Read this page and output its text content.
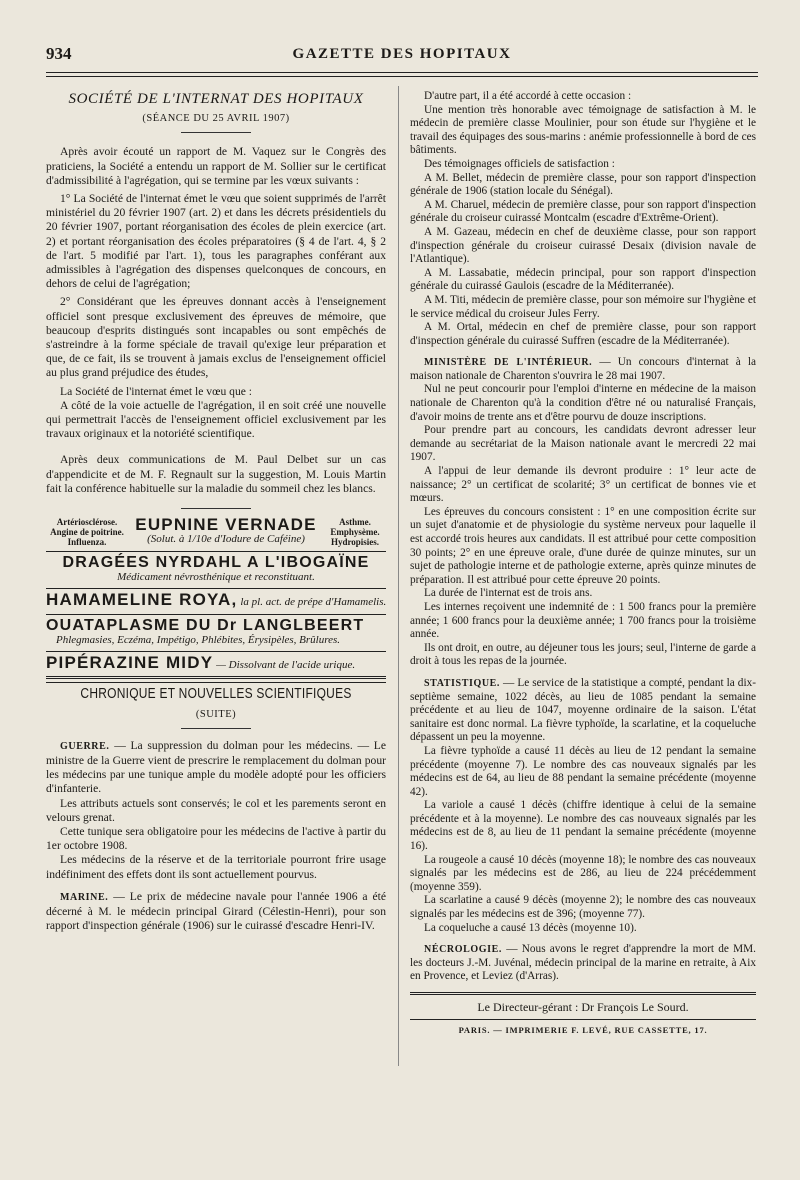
934	GAZETTE DES HOPITAUX
SOCIÉTÉ DE L'INTERNAT DES HOPITAUX
(SÉANCE DU 25 AVRIL 1907)

Après avoir écouté un rapport de M. Vaquez sur le Congrès des praticiens, la Société a entendu un rapport de M. Sollier sur le certificat d'admissibilité à l'agrégation, qui se termine par les vœux suivants :

1° La Société de l'internat émet le vœu que soient supprimés de l'arrêt ministériel du 20 février 1907 (art. 2) et dans les décrets présidentiels du 20 février 1907, portant réorganisation des écoles de plein exercice (art. 2) et portant réorganisation des écoles préparatoires (§ 4 de l'art. 4, § 2 de l'art. 5 modifié par l'art. 1), tous les paragraphes conférant aux admissibles à l'agrégation des dispenses quelconques de concours, en dehors de celui de l'agrégation;

2° Considérant que les épreuves donnant accès à l'enseignement officiel sont presque exclusivement des épreuves de mémoire, que beaucoup d'esprits distingués sont incapables ou sont empêchés de s'astreindre à la forme spéciale de travail qu'exige leur préparation et que, de ce fait, ils se trouvent à jamais exclus de l'enseignement officiel au plus grand préjudice des études,

La Société de l'internat émet le vœu que :

A côté de la voie actuelle de l'agrégation, il en soit créé une nouvelle qui permettrait l'accès de l'enseignement officiel exclusivement par les travaux originaux et la notoriété scientifique.

Après deux communications de M. Paul Delbet sur un cas d'appendicite et de M. F. Regnault sur la suggestion, M. Louis Martin fait la conférence habituelle sur la maladie du sommeil chez les blancs.

Artériosclérose. Angine de poitrine. Influenza.
EUPNINE VERNADE
(Solut. à 1/10e d'Iodure de Caféine)
Asthme. Emphysème. Hydropisies.
DRAGÉES NYRDAHL A L'IBOGAÏNE
Médicament névrosthénique et reconstituant.
HAMAMELINE ROYA, la pl. act. de prépe d'Hamamelis.
OUATAPLASME DU Dr LANGLBEERT
Phlegmasies, Eczéma, Impétigo, Phlébites, Érysipèles, Brûlures.
PIPÉRAZINE MIDY — Dissolvant de l'acide urique.
CHRONIQUE ET NOUVELLES SCIENTIFIQUES
(SUITE)

GUERRE. — La suppression du dolman pour les médecins. — Le ministre de la Guerre vient de prescrire le remplacement du dolman pour les médecins par une tunique ample du modèle adopté pour les officiers d'infanterie.

Les attributs actuels sont conservés; le col et les parements seront en velours grenat.

Cette tunique sera obligatoire pour les médecins de l'active à partir du 1er octobre 1908.

Les médecins de la réserve et de la territoriale pourront frire usage indéfiniment des effets dont ils sont actuellement pourvus.

MARINE. — Le prix de médecine navale pour l'année 1906 a été décerné à M. le médecin principal Girard (Célestin-Henri), pour son rapport d'inspection générale (1906) sur le cuirassé d'escadre Henri-IV.

D'autre part, il a été accordé à cette occasion :

Une mention très honorable avec témoignage de satisfaction à M. le médecin de première classe Moulinier, pour son étude sur l'hygiène et le travail des équipages des sous-marins : anémie professionnelle à bord de ces bâtiments.

Des témoignages officiels de satisfaction :

A M. Bellet, médecin de première classe, pour son rapport d'inspection générale de 1906 (station locale du Sénégal).

A M. Charuel, médecin de première classe, pour son rapport d'inspection générale du croiseur cuirassé Montcalm (escadre d'Extrême-Orient).

A M. Gazeau, médecin en chef de deuxième classe, pour son rapport d'inspection générale du croiseur cuirassé Desaix (division navale de l'Atlantique).

A M. Lassabatie, médecin principal, pour son rapport d'inspection générale du cuirassé Gaulois (escadre de la Méditerranée).

A M. Titi, médecin de première classe, pour son mémoire sur l'hygiène et le service médical du croiseur Jules Ferry.

A M. Ortal, médecin en chef de première classe, pour son rapport d'inspection générale du cuirassé Suffren (escadre de la Méditerranée).

MINISTÈRE DE L'INTÉRIEUR. — Un concours d'internat à la maison nationale de Charenton s'ouvrira le 28 mai 1907.

Nul ne peut concourir pour l'emploi d'interne en médecine de la maison nationale de Charenton qu'à la condition d'être né ou naturalisé Français, d'avoir moins de trente ans et d'être pourvu de douze inscriptions.

Pour prendre part au concours, les candidats devront adresser leur demande au secrétariat de la Maison nationale avant le mercredi 22 mai 1907.

A l'appui de leur demande ils devront produire : 1° leur acte de naissance; 2° un certificat de scolarité; 3° un certificat de bonnes vie et mœurs.

Les épreuves du concours consistent : 1° en une composition écrite sur un sujet d'anatomie et de physiologie du système nerveux pour laquelle il est accordé trois heures aux candidats. Il est attribué pour cette composition 30 points; 2° en une épreuve orale, d'une durée de quinze minutes, sur un sujet de pathologie interne et de pathologie externe, après quinze minutes de préparation. Il est attribué pour cette épreuve 20 points.

La durée de l'internat est de trois ans.

Les internes reçoivent une indemnité de : 1 500 francs pour la première année; 1 600 francs pour la deuxième année; 1 700 francs pour la troisième année.

Ils ont droit, en outre, au déjeuner tous les jours; seul, l'interne de garde a droit à tous les repas de la journée.

STATISTIQUE. — Le service de la statistique a compté, pendant la dix-septième semaine, 1022 décès, au lieu de 1085 pendant la semaine précédente et au lieu de 1047, moyenne ordinaire de la saison. L'état sanitaire est donc normal. La fièvre typhoïde, la scarlatine, et la coqueluche dépassent un peu la moyenne.

La fièvre typhoïde a causé 11 décès au lieu de 12 pendant la semaine précédente (moyenne 7). Le nombre des cas nouveaux signalés par les médecins est de 64, au lieu de 88 pendant la semaine précédente (moyenne 42).

La variole a causé 1 décès (chiffre identique à celui de la semaine précédente et à la moyenne). Le nombre des cas nouveaux signalés par les médecins est de 8, au lieu de 11 pendant la semaine précédente (moyenne 16).

La rougeole a causé 10 décès (moyenne 18); le nombre des cas nouveaux signalés par les médecins est de 286, au lieu de 224 précédemment (moyenne 359).

La scarlatine a causé 9 décès (moyenne 2); le nombre des cas nouveaux signalés par les médecins est de 396; (moyenne 77).

La coqueluche a causé 13 décès (moyenne 10).

NÉCROLOGIE. — Nous avons le regret d'apprendre la mort de MM. les docteurs J.-M. Juvénal, médecin principal de la marine en retraite, à Aix en Provence, et Leviez (d'Arras).

Le Directeur-gérant : Dr François Le Sourd.
PARIS. — IMPRIMERIE F. LEVÉ, RUE CASSETTE, 17.
